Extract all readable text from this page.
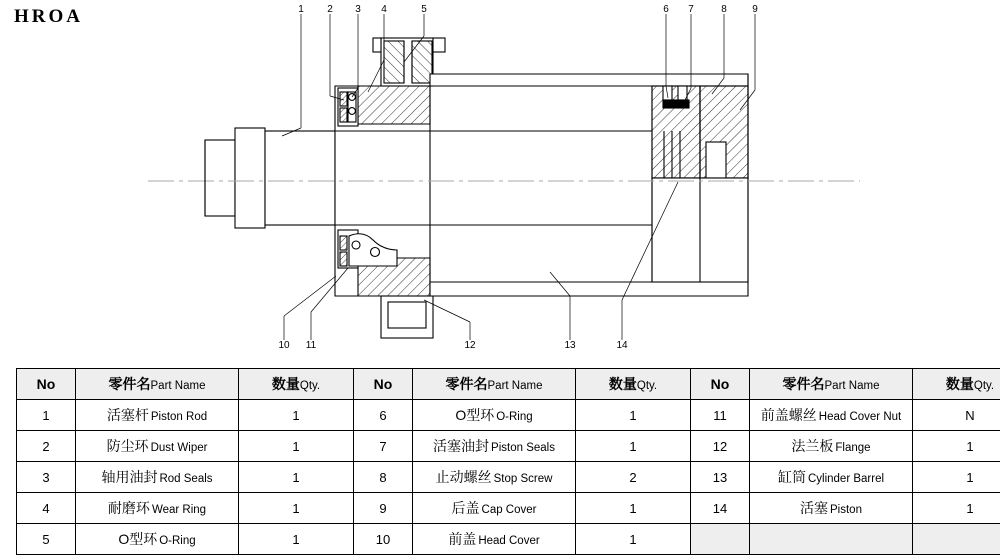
HROA	1 2 3 4	5	6 7	8	9
10 11	12	13	14
No	零件名Part Name	数量Qty.	No	零件名Part Name	数量Qty.	No	零件名Part Name	数量Qty.
1	活塞杆 Piston Rod	1	6	O型环 O-Ring	1	11	前盖螺丝 Head Cover Nut	N
2	防尘环 Dust Wiper	1	7	活塞油封 Piston Seals	1	12	法兰板 Flange	1
3	轴用油封 Rod Seals	1	8	止动螺丝 Stop Screw	2	13	缸筒 Cylinder Barrel	1
4	耐磨环 Wear Ring	1	9	后盖 Cap Cover	1	14	活塞 Piston	1
5	O型环 O-Ring	1	10	前盖 Head Cover	1			
